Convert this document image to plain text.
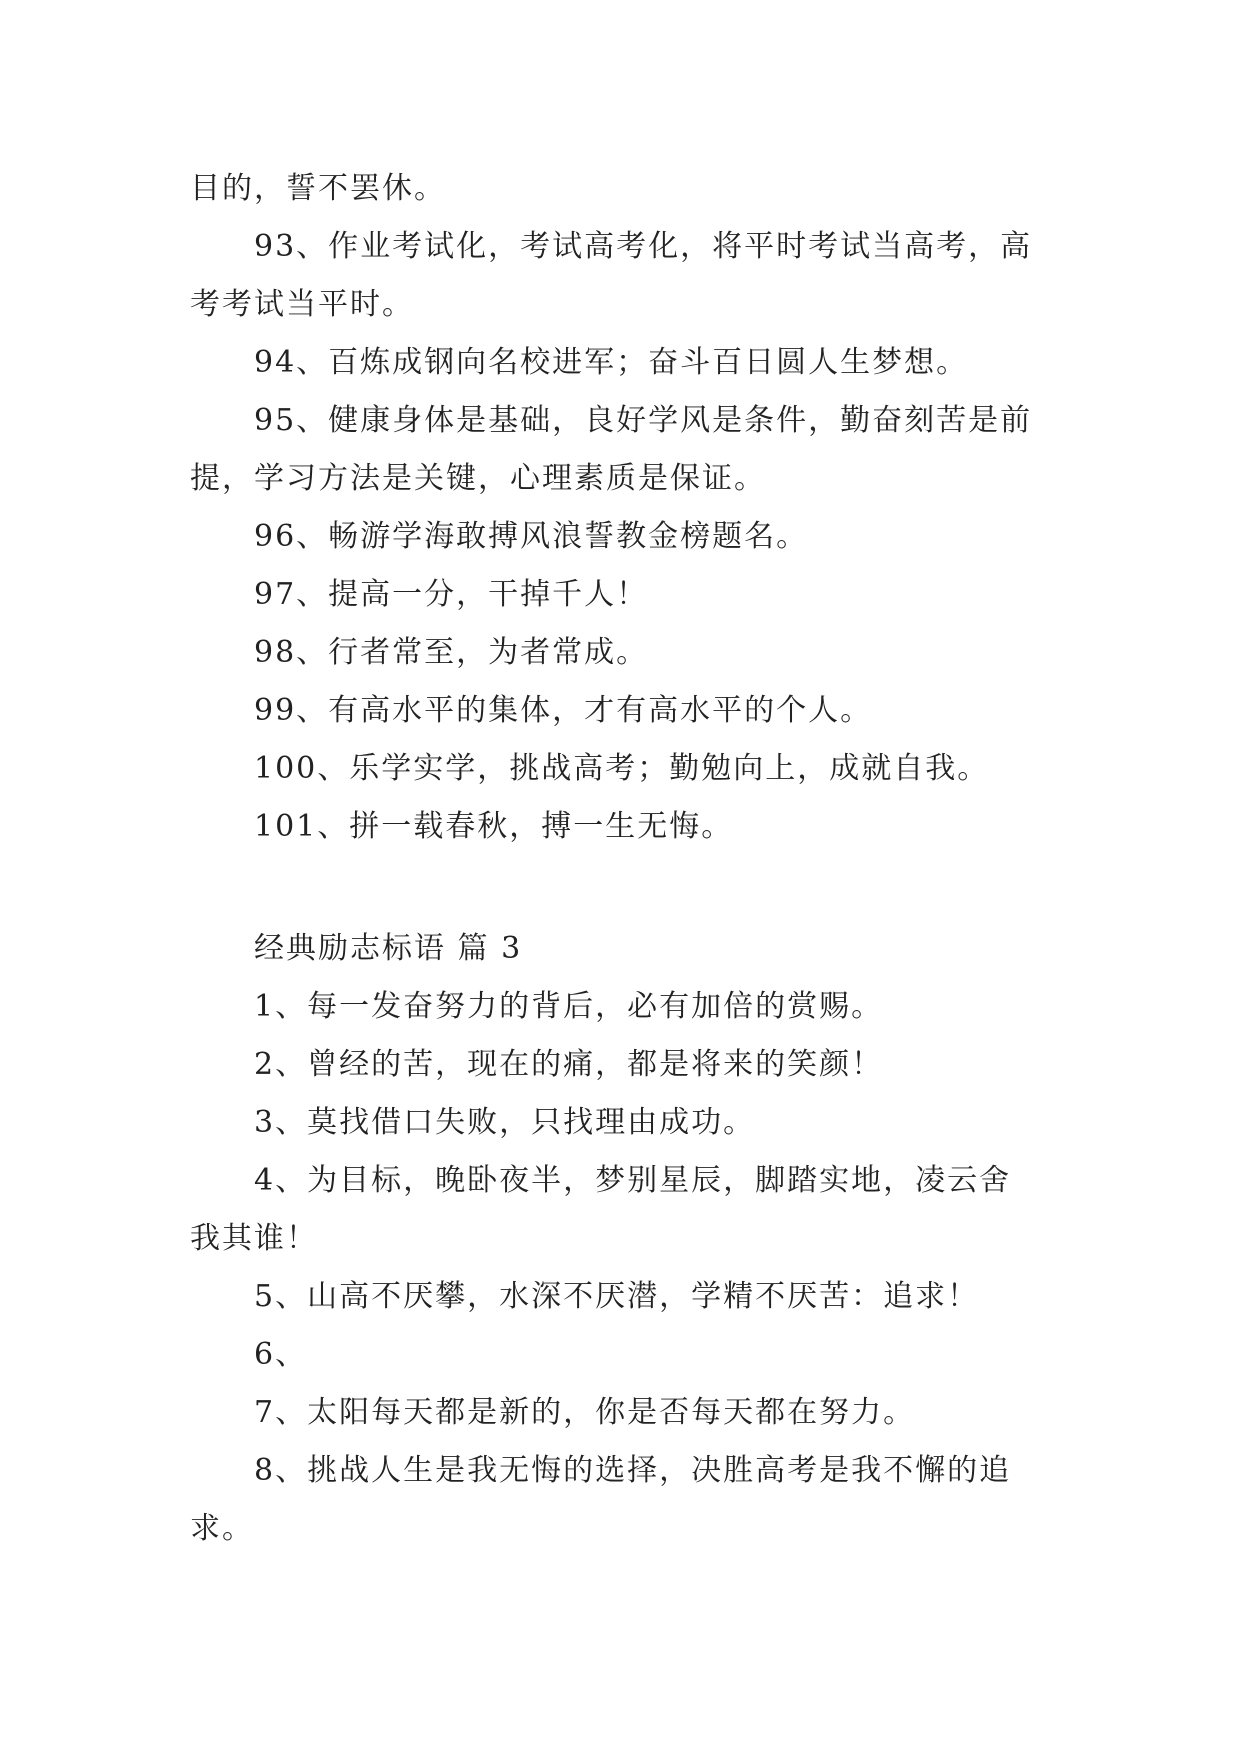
目的，誓不罢休。
93、作业考试化，考试高考化，将平时考试当高考，高
考考试当平时。
94、百炼成钢向名校进军；奋斗百日圆人生梦想。
95、健康身体是基础，良好学风是条件，勤奋刻苦是前
提，学习方法是关键，心理素质是保证。
96、畅游学海敢搏风浪誓教金榜题名。
97、提高一分，干掉千人！
98、行者常至，为者常成。
99、有高水平的集体，才有高水平的个人。
100、乐学实学，挑战高考；勤勉向上，成就自我。
101、拼一载春秋，搏一生无悔。
经典励志标语 篇 3
1、每一发奋努力的背后，必有加倍的赏赐。
2、曾经的苦，现在的痛，都是将来的笑颜！
3、莫找借口失败，只找理由成功。
4、为目标，晚卧夜半，梦别星辰，脚踏实地，凌云舍
我其谁！
5、山高不厌攀，水深不厌潜，学精不厌苦：追求！
6、
7、太阳每天都是新的，你是否每天都在努力。
8、挑战人生是我无悔的选择，决胜高考是我不懈的追
求。
